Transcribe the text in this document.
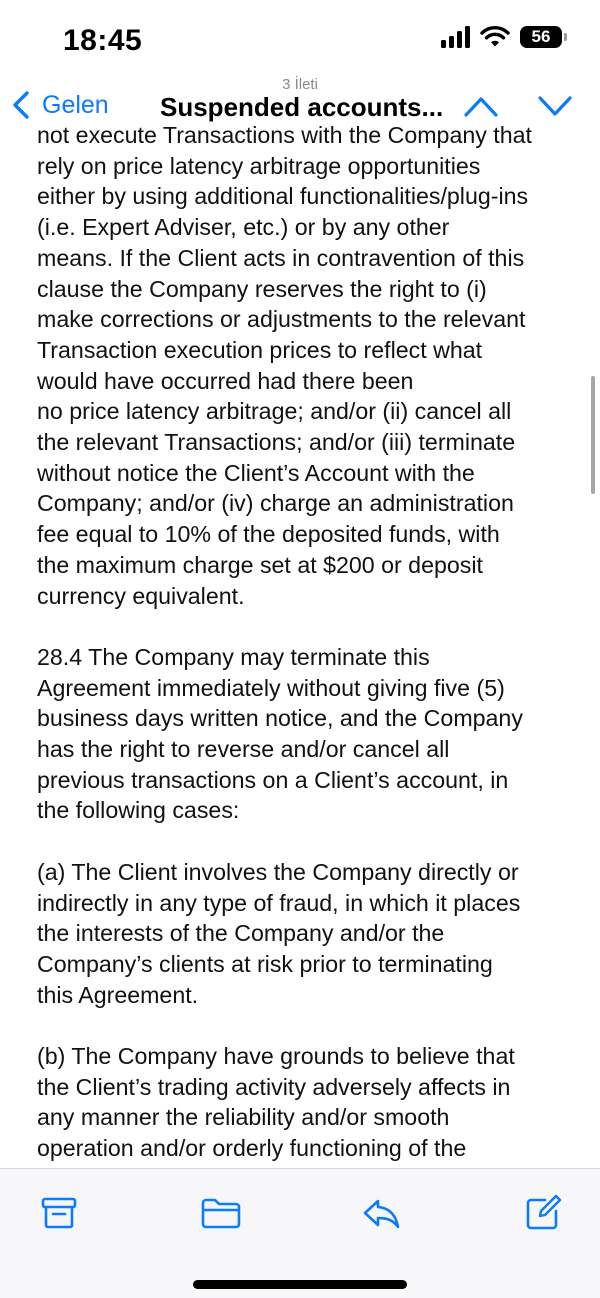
18:45	56
3 İleti
Gelen Suspended accounts...

not execute Transactions with the Company that
rely on price latency arbitrage opportunities
either by using additional functionalities/plug-ins
(i.e. Expert Adviser, etc.) or by any other
means. If the Client acts in contravention of this
clause the Company reserves the right to (i)
make corrections or adjustments to the relevant
Transaction execution prices to reflect what
would have occurred had there been
no price latency arbitrage; and/or (ii) cancel all
the relevant Transactions; and/or (iii) terminate
without notice the Client’s Account with the
Company; and/or (iv) charge an administration
fee equal to 10% of the deposited funds, with
the maximum charge set at $200 or deposit
currency equivalent.

28.4 The Company may terminate this
Agreement immediately without giving five (5)
business days written notice, and the Company
has the right to reverse and/or cancel all
previous transactions on a Client’s account, in
the following cases:

(a) The Client involves the Company directly or
indirectly in any type of fraud, in which it places
the interests of the Company and/or the
Company’s clients at risk prior to terminating
this Agreement.

(b) The Company have grounds to believe that
the Client’s trading activity adversely affects in
any manner the reliability and/or smooth
operation and/or orderly functioning of the
